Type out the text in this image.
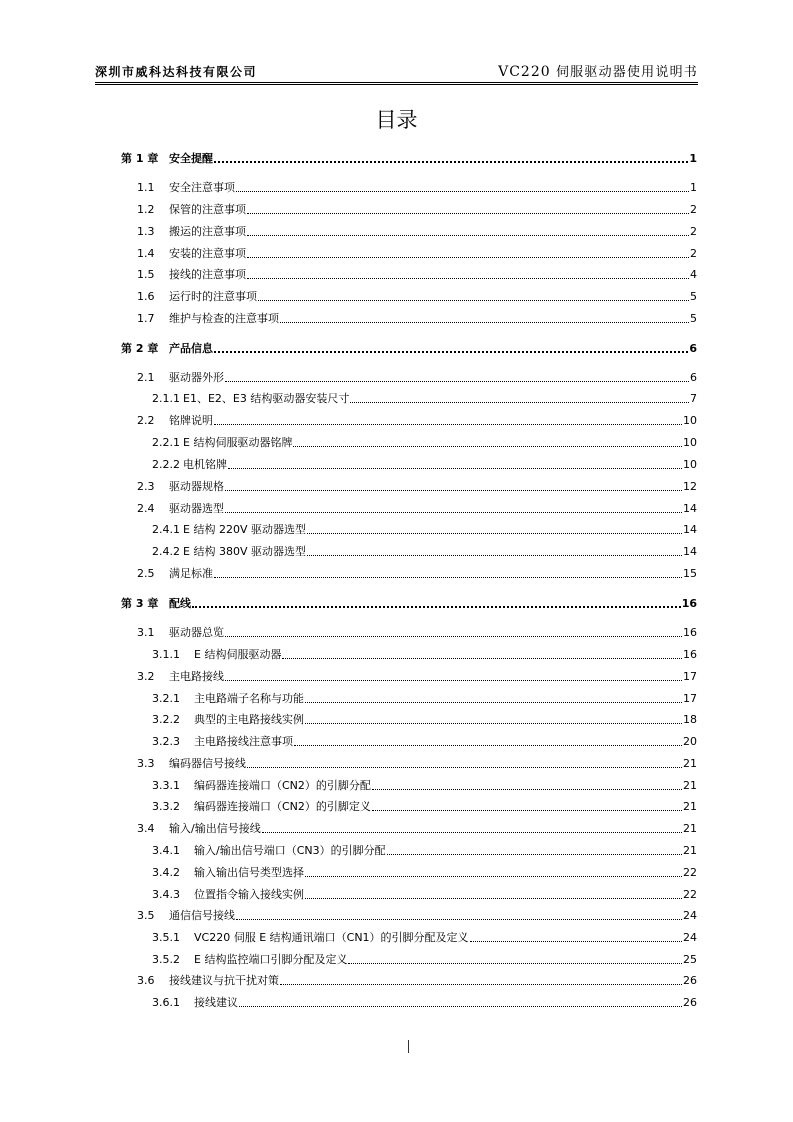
深圳市威科达科技有限公司	VC220 伺服驱动器使用说明书
目录
第 1 章 安全提醒	1
1.1	安全注意事项	1
1.2	保管的注意事项	2
1.3	搬运的注意事项	2
1.4	安装的注意事项	2
1.5	接线的注意事项	4
1.6	运行时的注意事项	5
1.7	维护与检查的注意事项	5
第 2 章 产品信息	6
2.1	驱动器外形	6
2.1.1 E1、E2、E3 结构驱动器安装尺寸	7
2.2	铭牌说明	10
2.2.1 E 结构伺服驱动器铭牌	10
2.2.2 电机铭牌	10
2.3	驱动器规格	12
2.4	驱动器选型	14
2.4.1 E 结构 220V 驱动器选型	14
2.4.2 E 结构 380V 驱动器选型	14
2.5	满足标准	15
第 3 章 配线	16
3.1	驱动器总览	16
3.1.1	E 结构伺服驱动器	16
3.2	主电路接线	17
3.2.1	主电路端子名称与功能	17
3.2.2	典型的主电路接线实例	18
3.2.3	主电路接线注意事项	20
3.3	编码器信号接线	21
3.3.1	编码器连接端口（CN2）的引脚分配	21
3.3.2	编码器连接端口（CN2）的引脚定义	21
3.4	输入/输出信号接线	21
3.4.1	输入/输出信号端口（CN3）的引脚分配	21
3.4.2	输入输出信号类型选择	22
3.4.3	位置指令输入接线实例	22
3.5	通信信号接线	24
3.5.1	VC220 伺服 E 结构通讯端口（CN1）的引脚分配及定义	24
3.5.2	E 结构监控端口引脚分配及定义	25
3.6	接线建议与抗干扰对策	26
3.6.1	接线建议	26
